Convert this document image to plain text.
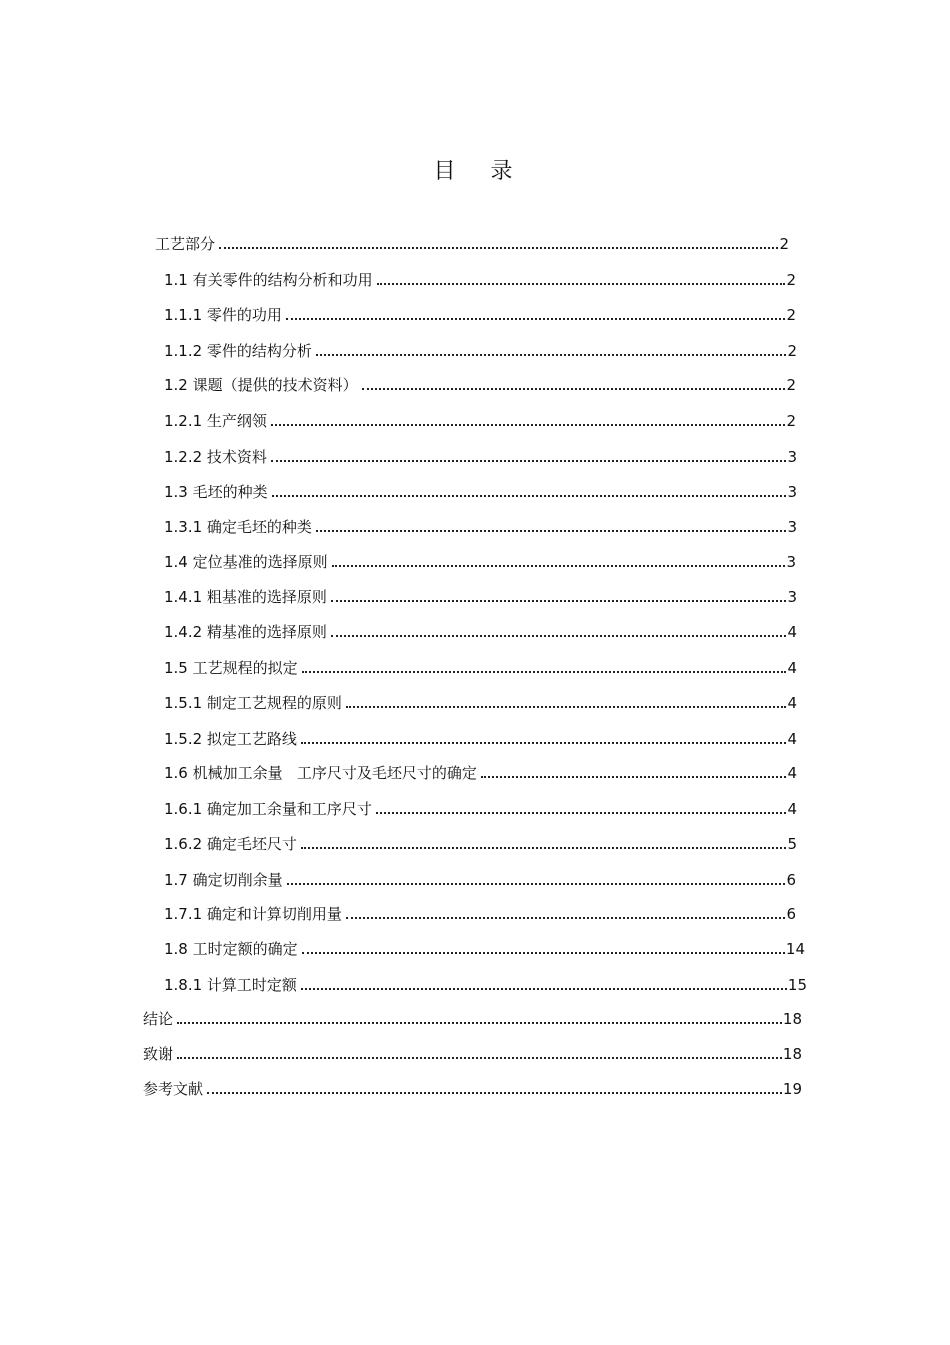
目 录
工艺部分	2
1.1 有关零件的结构分析和功用	2
1.1.1 零件的功用	2
1.1.2 零件的结构分析	2
1.2 课题（提供的技术资料）	2
1.2.1 生产纲领	2
1.2.2 技术资料	3
1.3 毛坯的种类	3
1.3.1 确定毛坯的种类	3
1.4 定位基准的选择原则	3
1.4.1 粗基准的选择原则	3
1.4.2 精基准的选择原则	4
1.5 工艺规程的拟定	4
1.5.1 制定工艺规程的原则	4
1.5.2 拟定工艺路线	4
1.6 机械加工余量   工序尺寸及毛坯尺寸的确定	4
1.6.1 确定加工余量和工序尺寸	4
1.6.2 确定毛坯尺寸	5
1.7 确定切削余量	6
1.7.1 确定和计算切削用量	6
1.8 工时定额的确定	14
1.8.1 计算工时定额	15
结论	18
致谢	18
参考文献	19
